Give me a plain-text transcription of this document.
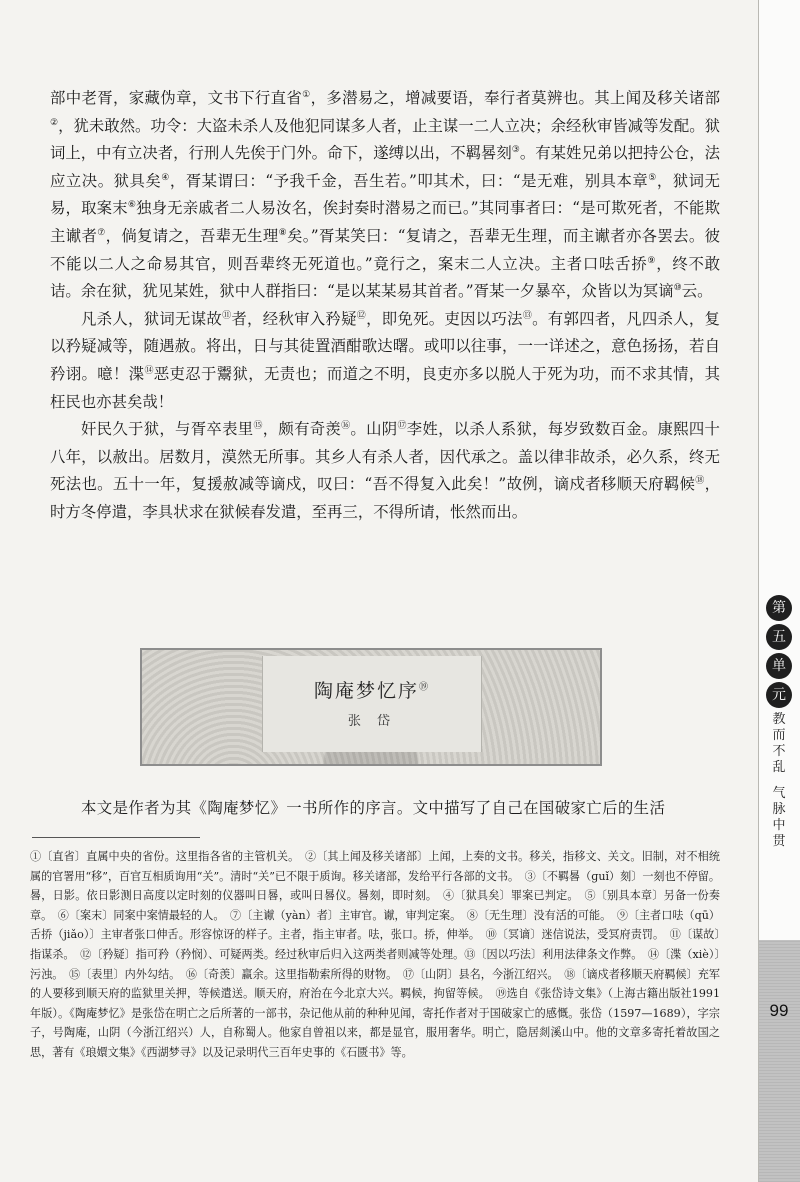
第
五
单
元
教
而
不
乱
气
脉
中
贯
99

部中老胥，家藏伪章，文书下行直省①，多潜易之，增减要语，奉行者莫辨也。其上闻及移关诸部②，犹未敢然。功令：大盗未杀人及他犯同谋多人者，止主谋一二人立决；余经秋审皆减等发配。狱词上，中有立决者，行刑人先俟于门外。命下，遂缚以出，不羁晷刻③。有某姓兄弟以把持公仓，法应立决。狱具矣④，胥某谓曰：“予我千金，吾生若。”叩其术，曰：“是无难，别具本章⑤，狱词无易，取案末⑥独身无亲戚者二人易汝名，俟封奏时潜易之而已。”其同事者曰：“是可欺死者，不能欺主谳者⑦，倘复请之，吾辈无生理⑧矣。”胥某笑曰：“复请之，吾辈无生理，而主谳者亦各罢去。彼不能以二人之命易其官，则吾辈终无死道也。”竟行之，案末二人立决。主者口呿舌挢⑨，终不敢诘。余在狱，犹见某姓，狱中人群指曰：“是以某某易其首者。”胥某一夕暴卒，众皆以为冥谪⑩云。

凡杀人，狱词无谋故⑪者，经秋审入矜疑⑫，即免死。吏因以巧法⑬。有郭四者，凡四杀人，复以矜疑减等，随遇赦。将出，日与其徒置酒酣歌达曙。或叩以往事，一一详述之，意色扬扬，若自矜诩。噫！渫⑭恶吏忍于鬻狱，无责也；而道之不明，良吏亦多以脱人于死为功，而不求其情，其枉民也亦甚矣哉！

奸民久于狱，与胥卒表里⑮，颇有奇羡⑯。山阴⑰李姓，以杀人系狱，每岁致数百金。康熙四十八年，以赦出。居数月，漠然无所事。其乡人有杀人者，因代承之。盖以律非故杀，必久系，终无死法也。五十一年，复援赦减等谪戍，叹曰：“吾不得复入此矣！”故例，谪戍者移顺天府羁候⑱，时方冬停遣，李具状求在狱候春发遣，至再三，不得所请，怅然而出。

陶庵梦忆序⑲
张 岱

本文是作者为其《陶庵梦忆》一书所作的序言。文中描写了自己在国破家亡后的生活

①〔直省〕直属中央的省份。这里指各省的主管机关。　②〔其上闻及移关诸部〕上闻，上奏的文书。移关，指移文、关文。旧制，对不相统属的官署用“移”，百官互相质询用“关”。清时“关”已不限于质询。移关诸部，发给平行各部的文书。　③〔不羁晷（ɡuǐ）刻〕一刻也不停留。晷，日影。依日影测日高度以定时刻的仪器叫日晷，或叫日晷仪。晷刻，即时刻。　④〔狱具矣〕罪案已判定。　⑤〔别具本章〕另备一份奏章。　⑥〔案末〕同案中案情最轻的人。　⑦〔主谳（yàn）者〕主审官。谳，审判定案。　⑧〔无生理〕没有活的可能。　⑨〔主者口呿（qū）舌挢（jiǎo）〕主审者张口伸舌。形容惊讶的样子。主者，指主审者。呿，张口。挢，伸举。　⑩〔冥谪〕迷信说法，受冥府责罚。　⑪〔谋故〕指谋杀。　⑫〔矜疑〕指可矜（矜悯）、可疑两类。经过秋审后归入这两类者则减等处理。⑬〔因以巧法〕利用法律条文作弊。　⑭〔渫（xiè）〕污浊。　⑮〔表里〕内外勾结。　⑯〔奇羡〕赢余。这里指勒索所得的财物。　⑰〔山阴〕县名，今浙江绍兴。　⑱〔谪戍者移顺天府羁候〕充军的人要移到顺天府的监狱里关押，等候遣送。顺天府，府治在今北京大兴。羁候，拘留等候。　⑲选自《张岱诗文集》（上海古籍出版社1991年版）。《陶庵梦忆》是张岱在明亡之后所著的一部书，杂记他从前的种种见闻，寄托作者对于国破家亡的感慨。张岱（1597—1689），字宗子，号陶庵，山阴（今浙江绍兴）人，自称蜀人。他家自曾祖以来，都是显官，服用奢华。明亡，隐居剡溪山中。他的文章多寄托着故国之思，著有《琅嬛文集》《西湖梦寻》以及记录明代三百年史事的《石匮书》等。
